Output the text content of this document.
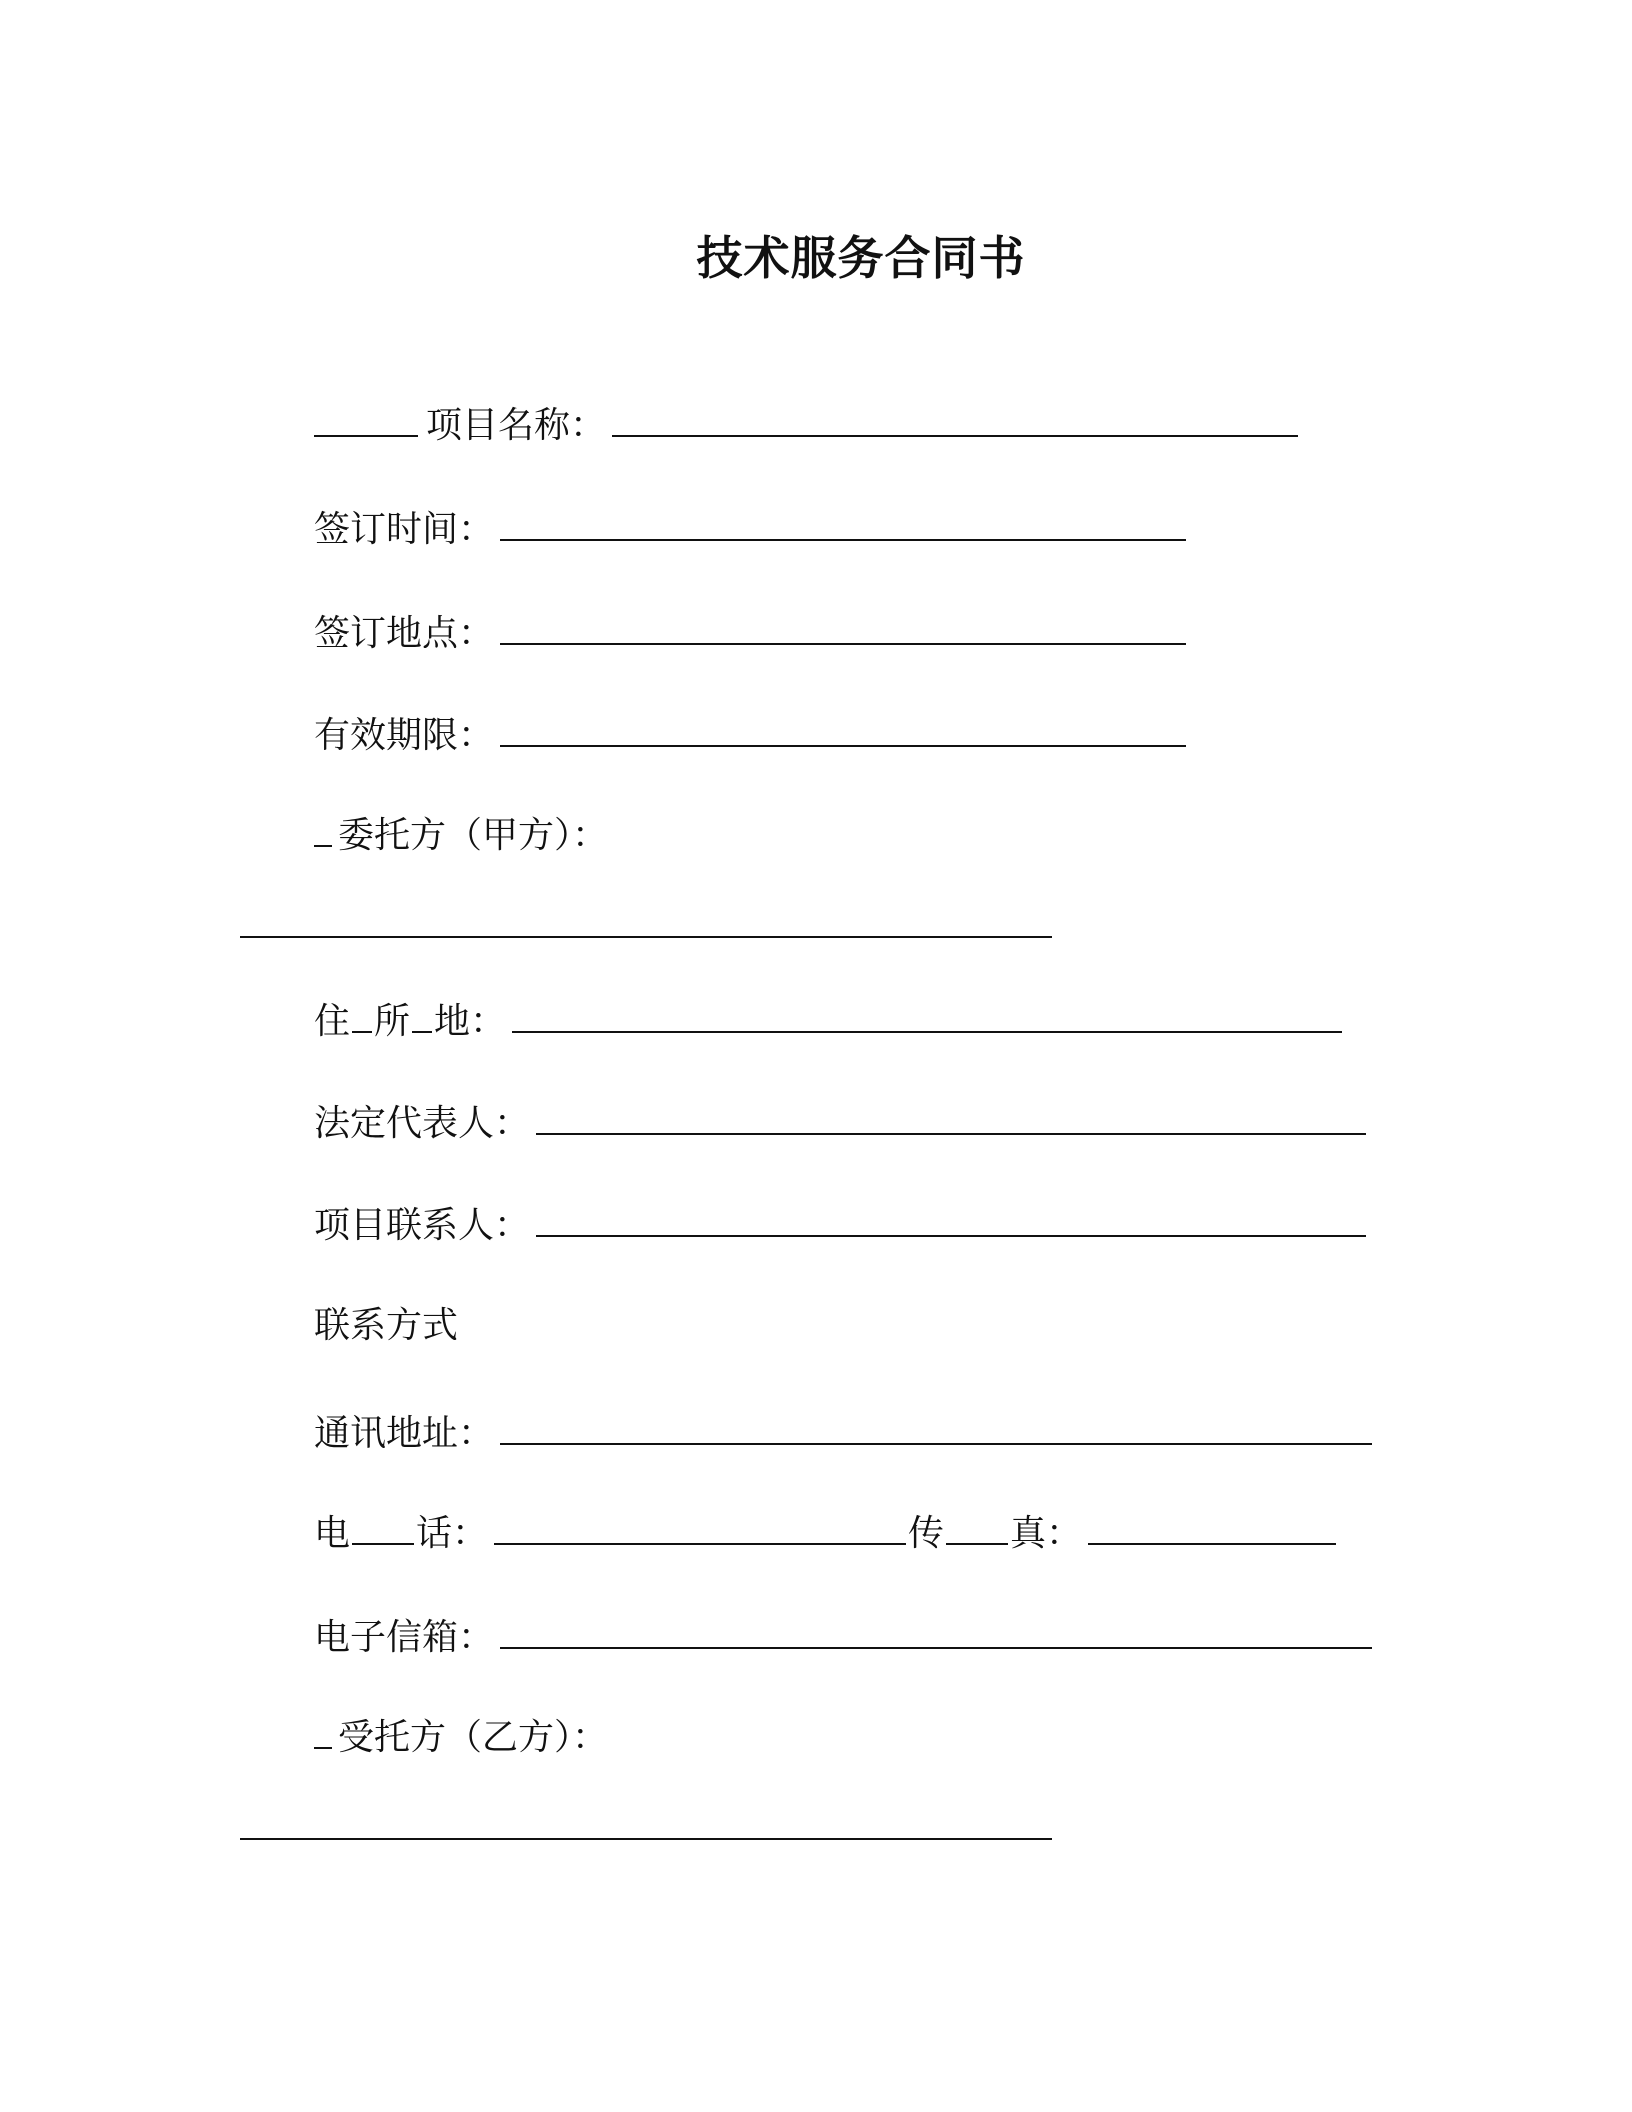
技术服务合同书
项目名称：
签订时间：
签订地点：
有效期限：
委托方（甲方）：
住 所 地：
法定代表人：
项目联系人：
联系方式
通讯地址：
电 话：	传 真：
电子信箱：
受托方（乙方）：
